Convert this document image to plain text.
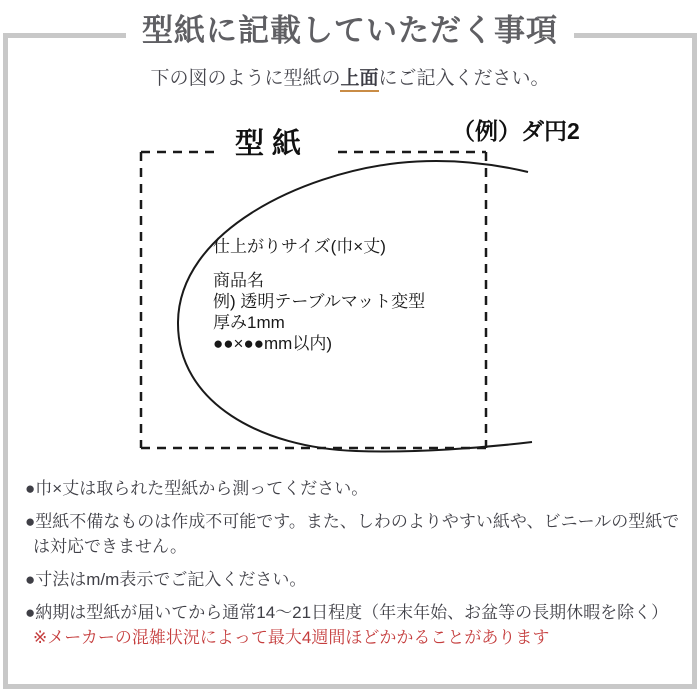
型紙に記載していただく事項
下の図のように型紙の上面にご記入ください。
型 紙	（例）ダ円2
仕上がりサイズ(巾×丈)
商品名
例) 透明テーブルマット変型
厚み1mm
●●×●●mm以内)

●巾×丈は取られた型紙から測ってください。

●型紙不備なものは作成不可能です。また、しわのよりやすい紙や、ビニールの型紙では対応できません。

●寸法はm/m表示でご記入ください。

●納期は型紙が届いてから通常14〜21日程度（年末年始、お盆等の長期休暇を除く） ※メーカーの混雑状況によって最大4週間ほどかかることがあります
